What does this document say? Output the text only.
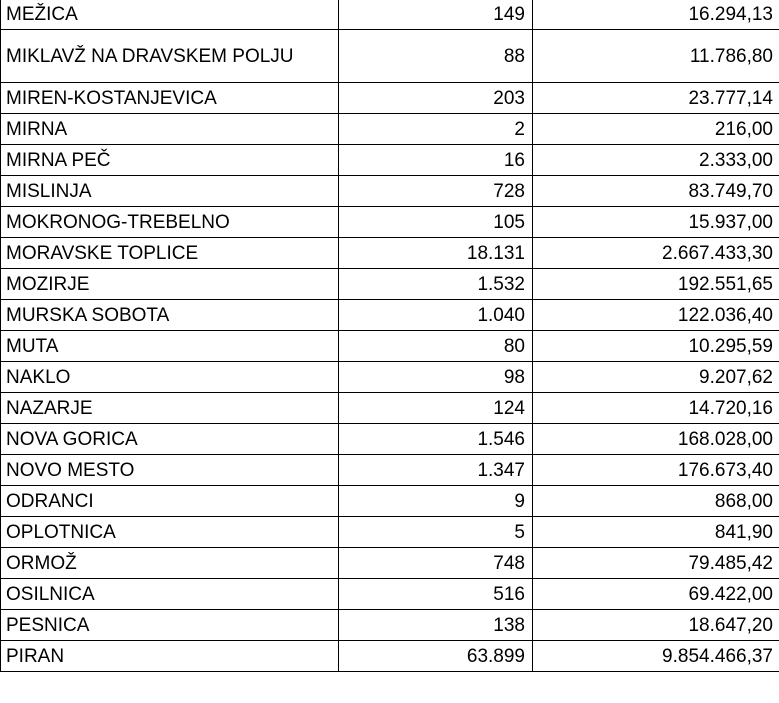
MEŽICA	149	16.294,13
MIKLAVŽ NA DRAVSKEM POLJU	88	11.786,80
MIREN-KOSTANJEVICA	203	23.777,14
MIRNA	2	216,00
MIRNA PEČ	16	2.333,00
MISLINJA	728	83.749,70
MOKRONOG-TREBELNO	105	15.937,00
MORAVSKE TOPLICE	18.131	2.667.433,30
MOZIRJE	1.532	192.551,65
MURSKA SOBOTA	1.040	122.036,40
MUTA	80	10.295,59
NAKLO	98	9.207,62
NAZARJE	124	14.720,16
NOVA GORICA	1.546	168.028,00
NOVO MESTO	1.347	176.673,40
ODRANCI	9	868,00
OPLOTNICA	5	841,90
ORMOŽ	748	79.485,42
OSILNICA	516	69.422,00
PESNICA	138	18.647,20
PIRAN	63.899	9.854.466,37
